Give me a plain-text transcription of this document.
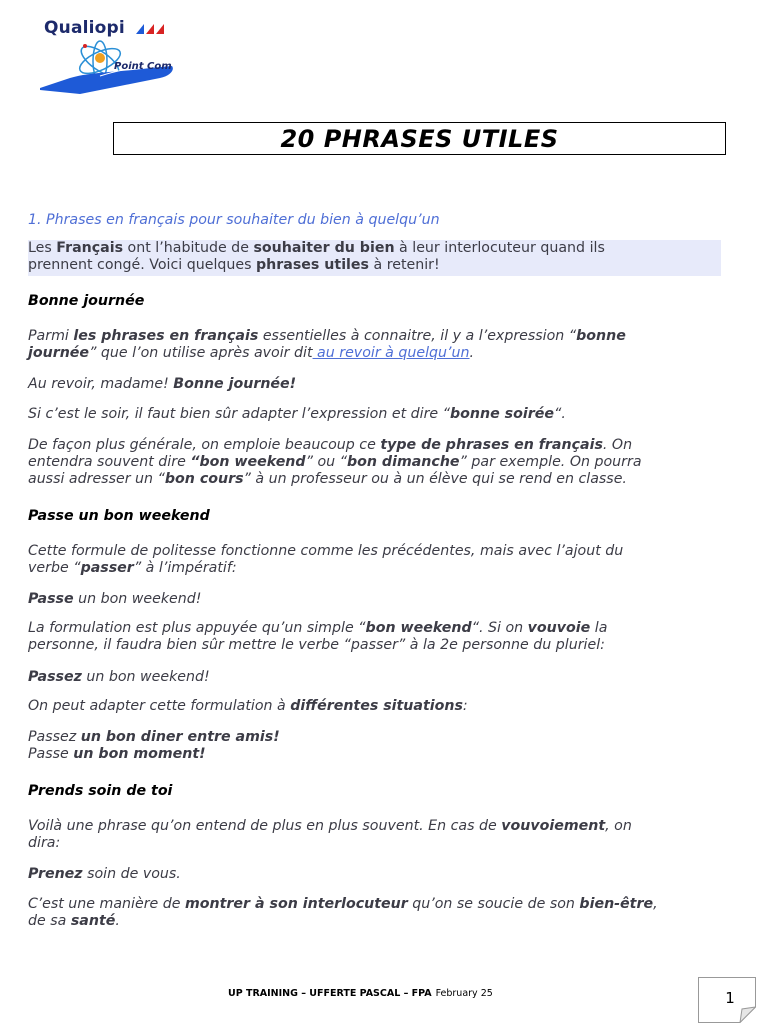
Qualiopi
Point Com
20 PHRASES UTILES
1. Phrases en français pour souhaiter du bien à quelqu’un
Les Français ont l’habitude de souhaiter du bien à leur interlocuteur quand ils
prennent congé. Voici quelques phrases utiles à retenir!
Bonne journée
Parmi les phrases en français essentielles à connaitre, il y a l’expression “bonne
journée” que l’on utilise après avoir dit au revoir à quelqu’un.
Au revoir, madame! Bonne journée!
Si c’est le soir, il faut bien sûr adapter l’expression et dire “bonne soirée“.
De façon plus générale, on emploie beaucoup ce type de phrases en français. On
entendra souvent dire “bon weekend” ou “bon dimanche” par exemple. On pourra
aussi adresser un “bon cours” à un professeur ou à un élève qui se rend en classe.
Passe un bon weekend
Cette formule de politesse fonctionne comme les précédentes, mais avec l’ajout du
verbe “passer” à l’impératif:
Passe un bon weekend!
La formulation est plus appuyée qu’un simple “bon weekend“. Si on vouvoie la
personne, il faudra bien sûr mettre le verbe “passer” à la 2e personne du pluriel:
Passez un bon weekend!
On peut adapter cette formulation à différentes situations:
Passez un bon diner entre amis!
Passe un bon moment!
Prends soin de toi
Voilà une phrase qu’on entend de plus en plus souvent. En cas de vouvoiement, on
dira:
Prenez soin de vous.
C’est une manière de montrer à son interlocuteur qu’on se soucie de son bien-être,
de sa santé.
UP TRAINING – UFFERTE PASCAL – FPA February 25	1
